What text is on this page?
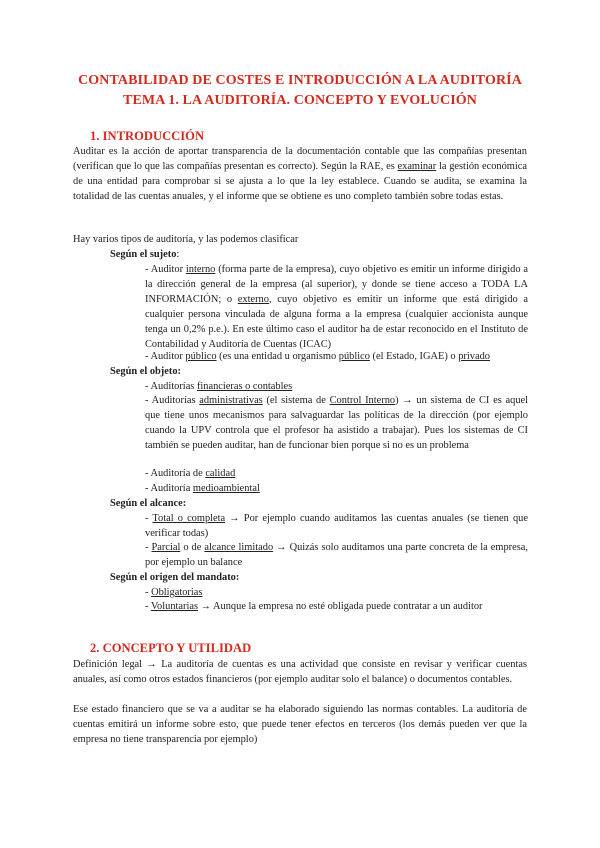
CONTABILIDAD DE COSTES E INTRODUCCIÓN A LA AUDITORÍA
TEMA 1. LA AUDITORÍA. CONCEPTO Y EVOLUCIÓN
1. INTRODUCCIÓN
Auditar es la acción de aportar transparencia de la documentación contable que las compañías presentan (verifican que lo que las compañías presentan es correcto). Según la RAE, es examinar la gestión económica de una entidad para comprobar si se ajusta a lo que la ley establece. Cuando se audita, se examina la totalidad de las cuentas anuales, y el informe que se obtiene es uno completo también sobre todas estas.
Hay varios tipos de auditoría, y las podemos clasificar
Según el sujeto:
- Auditor interno (forma parte de la empresa), cuyo objetivo es emitir un informe dirigido a la dirección general de la empresa (al superior), y donde se tiene acceso a TODA LA INFORMACIÓN; o externo, cuyo objetivo es emitir un informe que está dirigido a cualquier persona vinculada de alguna forma a la empresa (cualquier accionista aunque tenga un 0,2% p.e.). En este último caso el auditor ha de estar reconocido en el Instituto de Contabilidad y Auditoría de Cuentas (ICAC)
- Auditor público (es una entidad u organismo público (el Estado, IGAE) o privado
Según el objeto:
- Auditorías financieras o contables
- Auditorías administrativas (el sistema de Control Interno) → un sistema de CI es aquel que tiene unos mecanismos para salvaguardar las políticas de la dirección (por ejemplo cuando la UPV controla que el profesor ha asistido a trabajar). Pues los sistemas de CI también se pueden auditar, han de funcionar bien porque si no es un problema
- Auditoría de calidad
- Auditoría medioambiental
Según el alcance:
- Total o completa → Por ejemplo cuando auditamos las cuentas anuales (se tienen que verificar todas)
- Parcial o de alcance limitado → Quizás solo auditamos una parte concreta de la empresa, por ejemplo un balance
Según el origen del mandato:
- Obligatorias
- Voluntarias → Aunque la empresa no esté obligada puede contratar a un auditor
2. CONCEPTO Y UTILIDAD
Definición legal → La auditoría de cuentas es una actividad que consiste en revisar y verificar cuentas anuales, así como otros estados financieros (por ejemplo auditar solo el balance) o documentos contables.
Ese estado financiero que se va a auditar se ha elaborado siguiendo las normas contables. La auditoría de cuentas emitirá un informe sobre esto, que puede tener efectos en terceros (los demás pueden ver que la empresa no tiene transparencia por ejemplo)
